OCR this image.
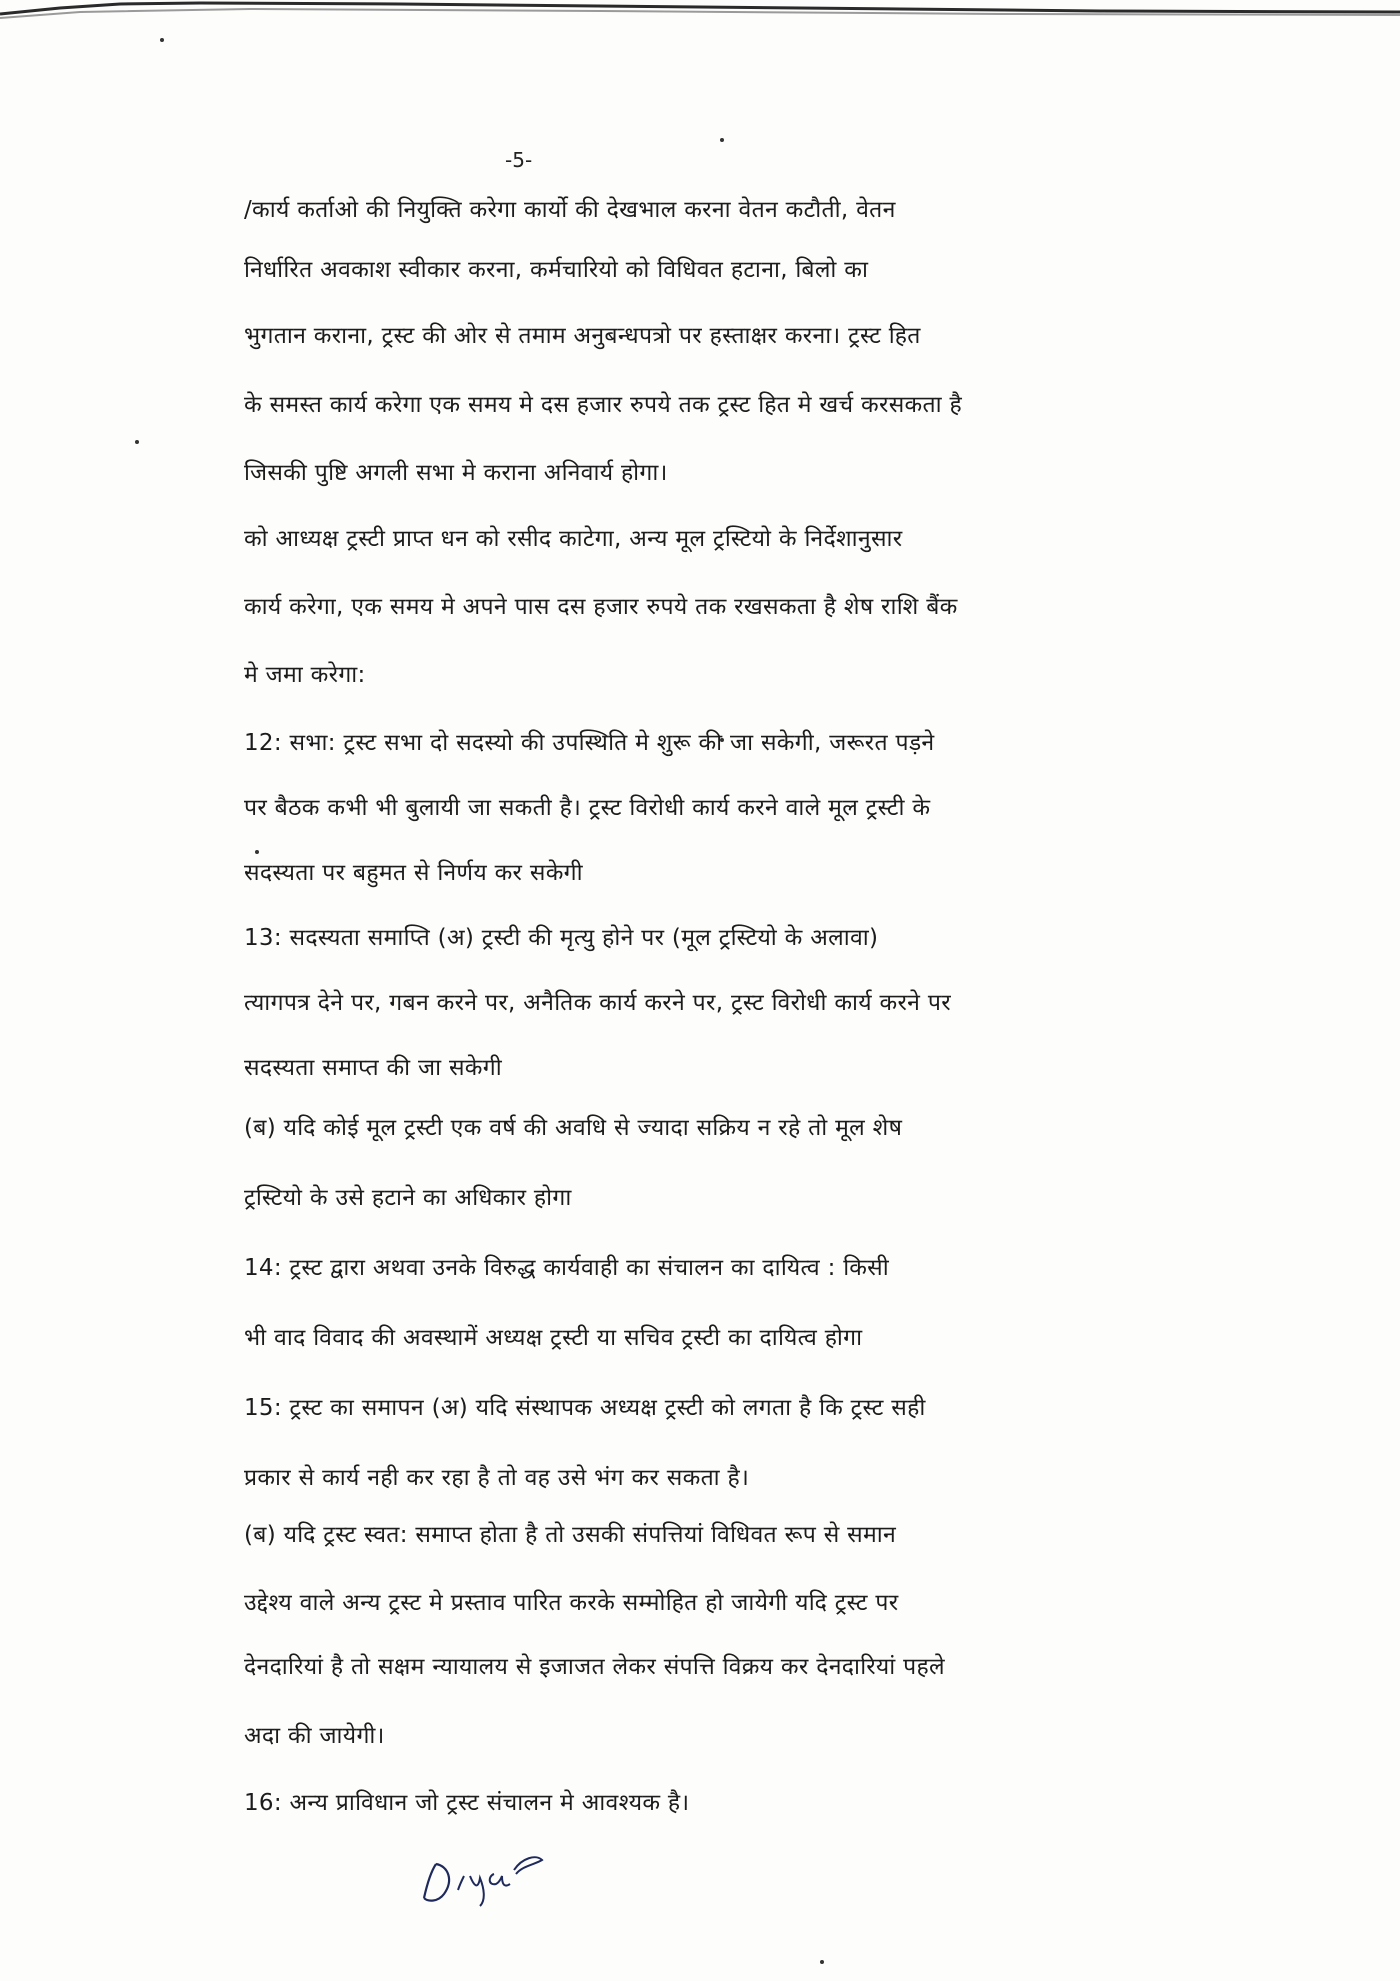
-5-
/कार्य कर्ताओ की नियुक्ति करेगा कार्यो की देखभाल करना वेतन कटौती, वेतन
निर्धारित अवकाश स्वीकार करना, कर्मचारियो को विधिवत हटाना, बिलो का
भुगतान कराना, ट्रस्ट की ओर से तमाम अनुबन्धपत्रो पर हस्ताक्षर करना। ट्रस्ट हित
के समस्त कार्य करेगा एक समय मे दस हजार रुपये तक ट्रस्ट हित मे खर्च करसकता है
जिसकी पुष्टि अगली सभा मे कराना अनिवार्य होगा।
को आध्यक्ष ट्रस्टी प्राप्त धन को रसीद काटेगा, अन्य मूल ट्रस्टियो के निर्देशानुसार
कार्य करेगा, एक समय मे अपने पास दस हजार रुपये तक रखसकता है शेष राशि बैंक
मे जमा करेगा:
12: सभा: ट्रस्ट सभा दो सदस्यो की उपस्थिति मे शुरू की जा सकेगी, जरूरत पड़ने
पर बैठक कभी भी बुलायी जा सकती है। ट्रस्ट विरोधी कार्य करने वाले मूल ट्रस्टी के
सदस्यता पर बहुमत से निर्णय कर सकेगी
13: सदस्यता समाप्ति (अ) ट्रस्टी की मृत्यु होने पर (मूल ट्रस्टियो के अलावा)
त्यागपत्र देने पर, गबन करने पर, अनैतिक कार्य करने पर, ट्रस्ट विरोधी कार्य करने पर
सदस्यता समाप्त की जा सकेगी
(ब) यदि कोई मूल ट्रस्टी एक वर्ष की अवधि से ज्यादा सक्रिय न रहे तो मूल शेष
ट्रस्टियो के उसे हटाने का अधिकार होगा
14: ट्रस्ट द्वारा अथवा उनके विरुद्ध कार्यवाही का संचालन का दायित्व : किसी
भी वाद विवाद की अवस्थामें अध्यक्ष ट्रस्टी या सचिव ट्रस्टी का दायित्व होगा
15: ट्रस्ट का समापन (अ) यदि संस्थापक अध्यक्ष ट्रस्टी को लगता है कि ट्रस्ट सही
प्रकार से कार्य नही कर रहा है तो वह उसे भंग कर सकता है।
(ब) यदि ट्रस्ट स्वत: समाप्त होता है तो उसकी संपत्तियां विधिवत रूप से समान
उद्देश्य वाले अन्य ट्रस्ट मे प्रस्ताव पारित करके सम्मोहित हो जायेगी यदि ट्रस्ट पर
देनदारियां है तो सक्षम न्यायालय से इजाजत लेकर संपत्ति विक्रय कर देनदारियां पहले
अदा की जायेगी।
16: अन्य प्राविधान जो ट्रस्ट संचालन मे आवश्यक है।
